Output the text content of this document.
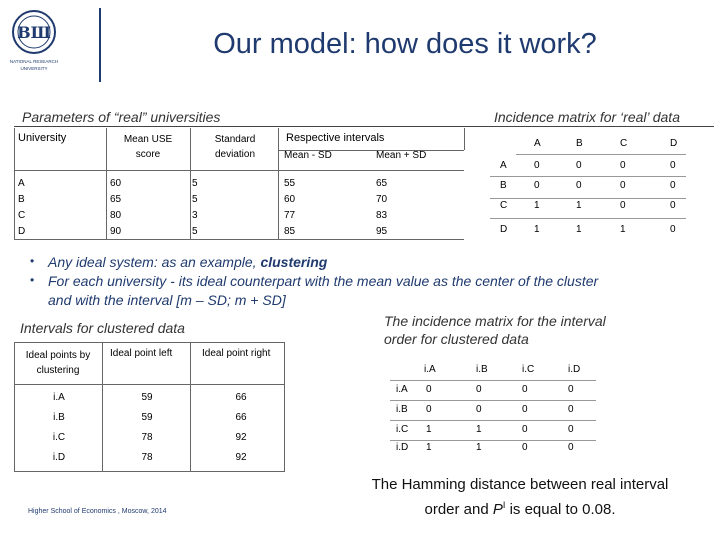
ВШ
NATIONAL RESEARCH
UNIVERSITY
Our model: how does it work?
Parameters of “real” universities	Incidence matrix for ‘real’ data
University	Mean USE score
Standard deviation
Respective intervals
Mean - SD	Mean + SD
A	60	5	55	65
B	65	5	60	70
C	80	3	77	83
D	90	5	85	95
A	B	C	D
A	0	0	0	0
B	0	0	0	0
C	1	1	0	0
D	1	1	1	0
• Any ideal system: as an example, clustering
• For each university - its ideal counterpart with the mean value as the center of the cluster
and with the interval [m – SD; m + SD]
Intervals for clustered data	The incidence matrix for the interval
order for clustered data
Ideal points by clustering
Ideal point left	Ideal point right
i.A	59	66
i.B	59	66
i.C	78	92
i.D	78	92
i.A	i.B	i.C	i.D
i.A 0	0	0	0
i.B 0	0	0	0
i.C 1	1	0	0
i.D 1	1	0	0
The Hamming distance between real interval
order and $P^I$ is equal to 0.08.
Higher School of Economics , Moscow, 2014
